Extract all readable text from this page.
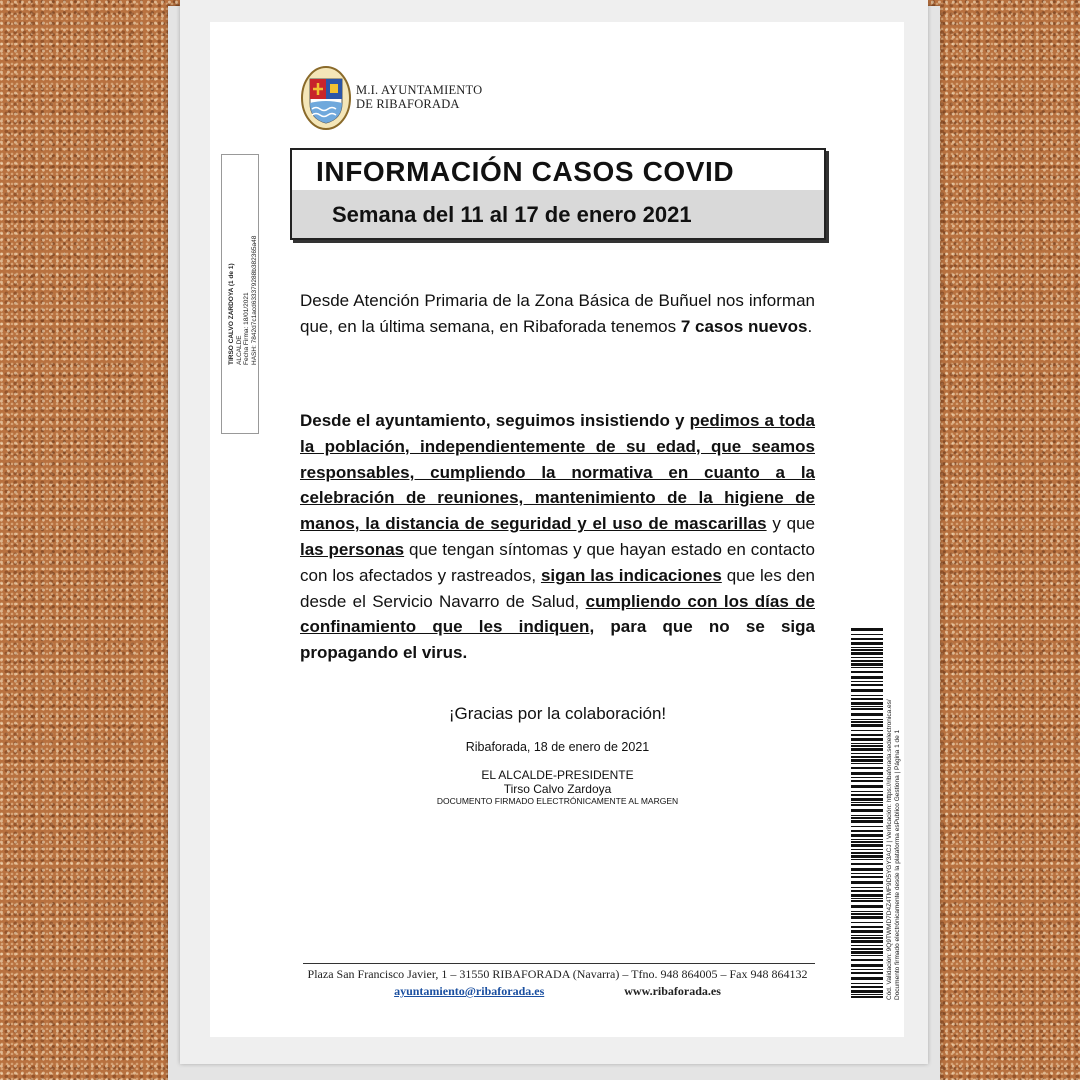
M.I. AYUNTAMIENTO
DE RIBAFORADA
TIRSO CALVO ZARDOYA (1 de 1) ALCALDE Fecha Firma: 18/01/2021 HASH: 7842d7c1acd633379288b382365a48
INFORMACIÓN CASOS COVID
Semana del 11 al 17 de enero 2021
Desde Atención Primaria de la Zona Básica de Buñuel nos informan que, en la última semana, en Ribaforada tenemos 7 casos nuevos.
Desde el ayuntamiento, seguimos insistiendo y pedimos a toda la población, independientemente de su edad, que seamos responsables, cumpliendo la normativa en cuanto a la celebración de reuniones, mantenimiento de la higiene de manos, la distancia de seguridad y el uso de mascarillas y que las personas que tengan síntomas y que hayan estado en contacto con los afectados y rastreados, sigan las indicaciones que les den desde el Servicio Navarro de Salud, cumpliendo con los días de confinamiento que les indiquen, para que no se siga propagando el virus.
¡Gracias por la colaboración!
Ribaforada, 18 de enero de 2021
EL ALCALDE-PRESIDENTE
Tirso Calvo Zardoya
DOCUMENTO FIRMADO ELECTRÓNICAMENTE AL MARGEN
Plaza San Francisco Javier, 1 – 31550 RIBAFORADA (Navarra) – Tfno. 948 864005 – Fax 948 864132
ayuntamiento@ribaforada.es	www.ribaforada.es	Cód. Validación: 9Q9TWMD7D4Z4TMF9D5YGY3ACJ | Verificación: https://ribaforada.sedelectronica.es/ Documento firmado electrónicamente desde la plataforma esPublico Gestiona | Página 1 de 1
